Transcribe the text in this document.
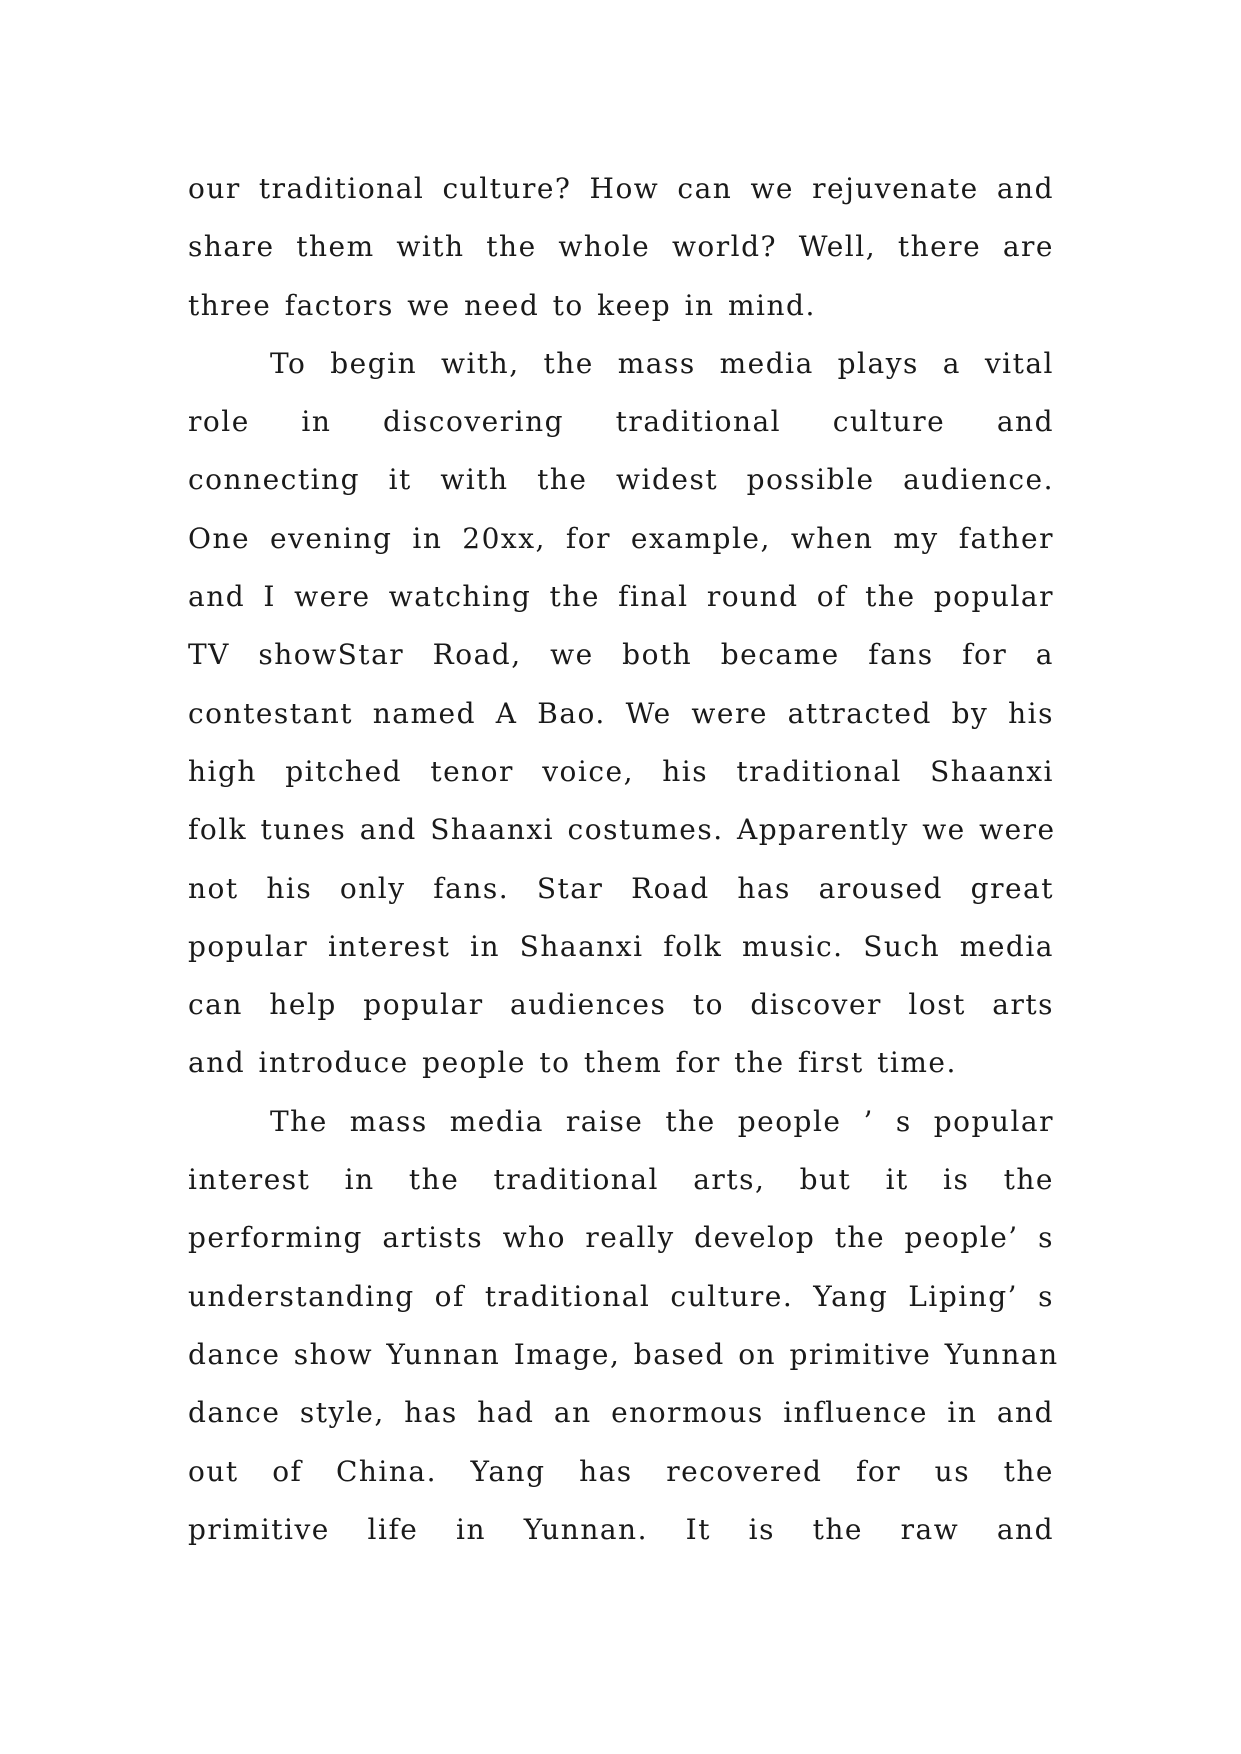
our traditional culture? How can we rejuvenate and
share them with the whole world? Well, there are
three factors we need to keep in mind.
To begin with, the mass media plays a vital
role in discovering traditional culture and
connecting it with the widest possible audience.
One evening in 20xx, for example, when my father
and I were watching the final round of the popular
TV showStar Road, we both became fans for a
contestant named A Bao. We were attracted by his
high pitched tenor voice, his traditional Shaanxi
folk tunes and Shaanxi costumes. Apparently we were
not his only fans. Star Road has aroused great
popular interest in Shaanxi folk music. Such media
can help popular audiences to discover lost arts
and introduce people to them for the first time.
The mass media raise the people ’ s popular
interest in the traditional arts, but it is the
performing artists who really develop the people’ s
understanding of traditional culture. Yang Liping’ s
dance show Yunnan Image, based on primitive Yunnan
dance style, has had an enormous influence in and
out of China. Yang has recovered for us the
primitive life in Yunnan. It is the raw and
